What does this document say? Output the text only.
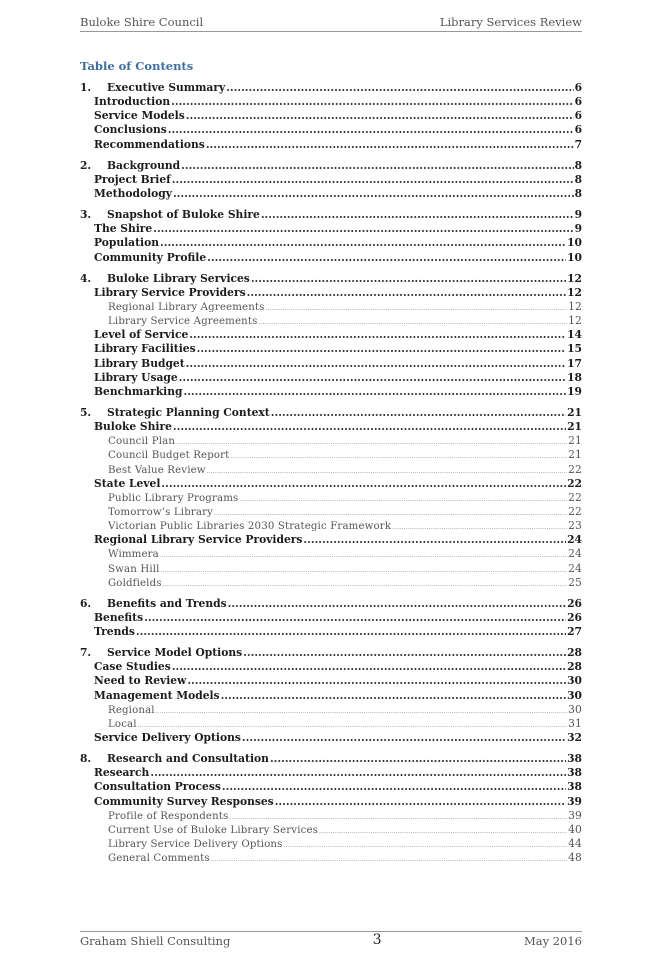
Buloke Shire Council	Library Services Review
Table of Contents
1. Executive Summary .....	6
Introduction .....	6
Service Models .....	6
Conclusions .....	6
Recommendations .....	7
2. Background .....	8
Project Brief .....	8
Methodology .....	8
3. Snapshot of Buloke Shire .....	9
The Shire .....	9
Population .....	10
Community Profile .....	10
4. Buloke Library Services .....	12
Library Service Providers .....	12
Regional Library Agreements .....	12
Library Service Agreements .....	12
Level of Service .....	14
Library Facilities .....	15
Library Budget .....	17
Library Usage .....	18
Benchmarking .....	19
5. Strategic Planning Context .....	21
Buloke Shire .....	21
Council Plan .....	21
Council Budget Report .....	21
Best Value Review .....	22
State Level .....	22
Public Library Programs .....	22
Tomorrow’s Library .....	22
Victorian Public Libraries 2030 Strategic Framework .....	23
Regional Library Service Providers .....	24
Wimmera .....	24
Swan Hill .....	24
Goldfields .....	25
6. Benefits and Trends .....	26
Benefits .....	26
Trends .....	27
7. Service Model Options .....	28
Case Studies .....	28
Need to Review .....	30
Management Models .....	30
Regional .....	30
Local .....	31
Service Delivery Options .....	32
8. Research and Consultation .....	38
Research .....	38
Consultation Process .....	38
Community Survey Responses .....	39
Profile of Respondents .....	39
Current Use of Buloke Library Services .....	40
Library Service Delivery Options .....	44
General Comments .....	48
Graham Shiell Consulting	3	May 2016
